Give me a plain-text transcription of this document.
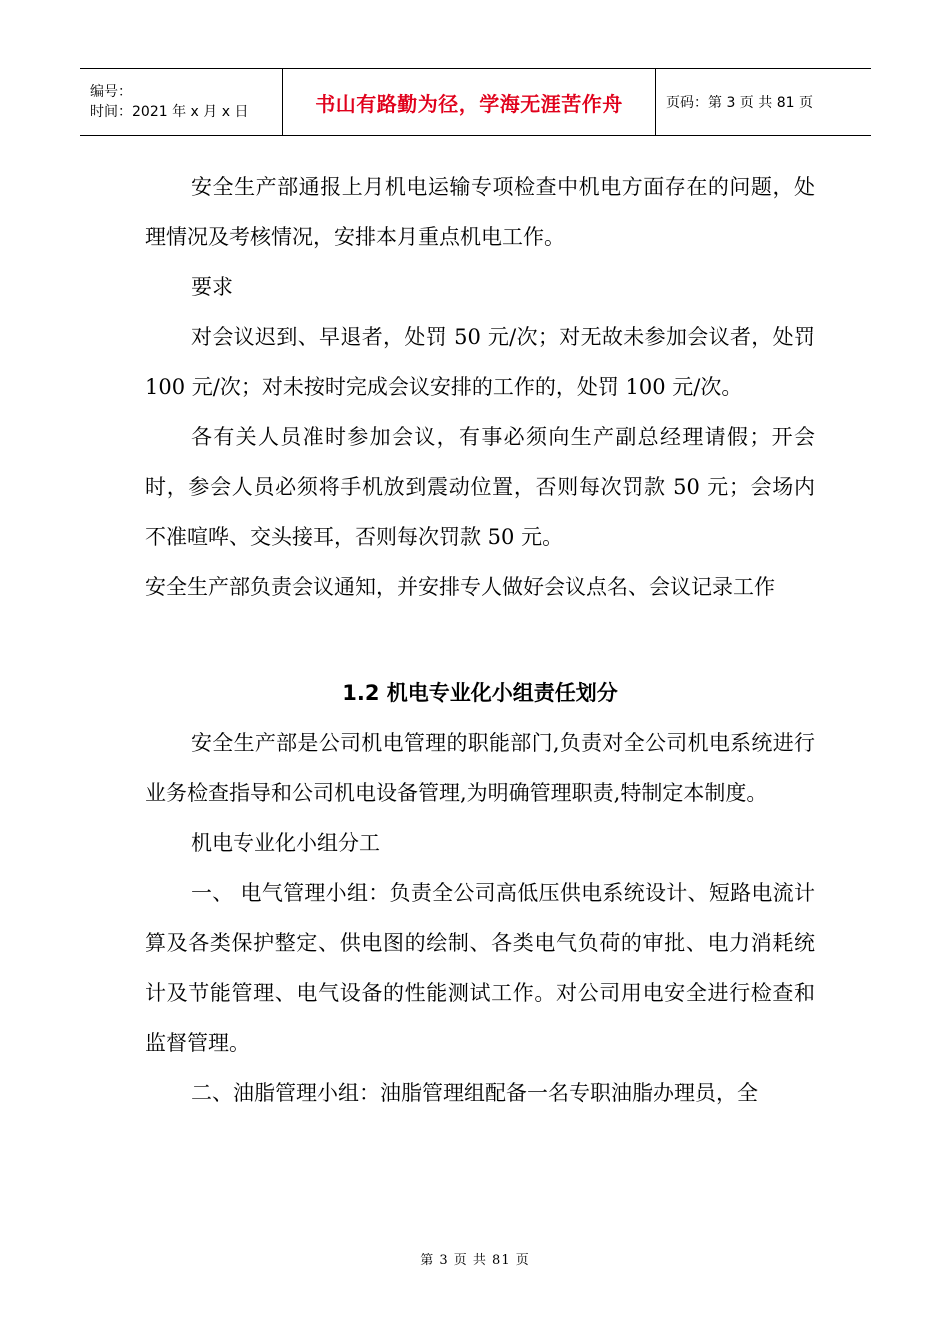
编号：
时间：2021 年 x 月 x 日	书山有路勤为径，学海无涯苦作舟	页码：第 3 页 共 81 页

安全生产部通报上月机电运输专项检查中机电方面存在的问题，处理情况及考核情况，安排本月重点机电工作。

要求

对会议迟到、早退者，处罚 50 元/次；对无故未参加会议者，处罚 100 元/次；对未按时完成会议安排的工作的，处罚 100 元/次。

各有关人员准时参加会议，有事必须向生产副总经理请假；开会时，参会人员必须将手机放到震动位置，否则每次罚款 50 元；会场内不准喧哗、交头接耳，否则每次罚款 50 元。

安全生产部负责会议通知，并安排专人做好会议点名、会议记录工作

1.2 机电专业化小组责任划分

安全生产部是公司机电管理的职能部门,负责对全公司机电系统进行业务检查指导和公司机电设备管理,为明确管理职责,特制定本制度。

机电专业化小组分工

一、 电气管理小组：负责全公司高低压供电系统设计、短路电流计算及各类保护整定、供电图的绘制、各类电气负荷的审批、电力消耗统计及节能管理、电气设备的性能测试工作。对公司用电安全进行检查和监督管理。

二、油脂管理小组：油脂管理组配备一名专职油脂办理员，全

第 3 页 共 81 页
